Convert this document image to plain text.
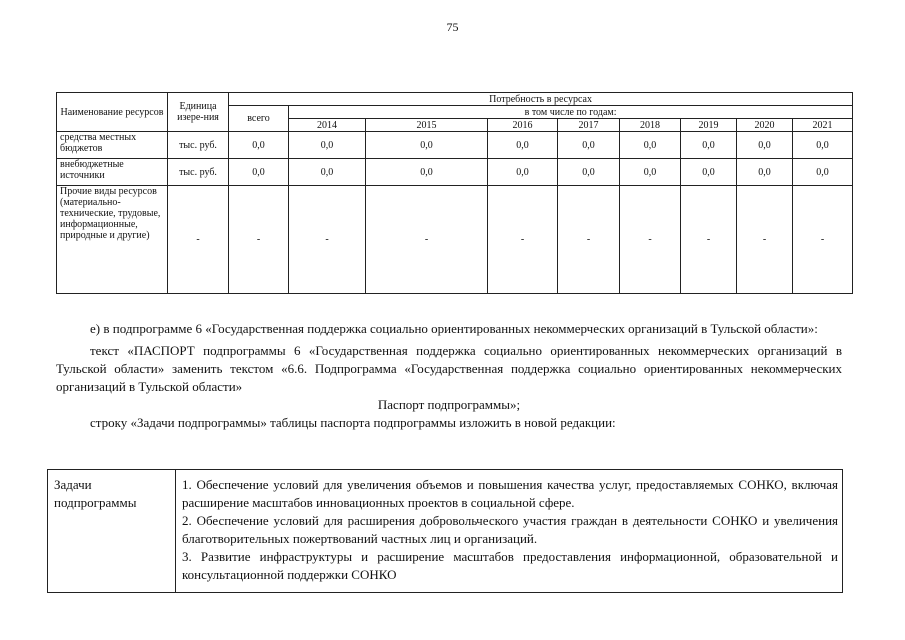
75
Наименование ресурсов	Единица изере-ния	Потребность в ресурсах								
		всего	в том числе по годам:							
			2014	2015	2016	2017	2018	2019	2020	2021
средства местных бюджетов	тыс. руб.	0,0	0,0	0,0	0,0	0,0	0,0	0,0	0,0	0,0
внебюджетные источники	тыс. руб.	0,0	0,0	0,0	0,0	0,0	0,0	0,0	0,0	0,0
Прочие виды ресурсов (материально-технические, трудовые, информационные, природные и другие)	-	-	-	-	-	-	-	-	-	-

е) в подпрограмме 6 «Государственная поддержка социально ориентированных некоммерческих организаций в Тульской области»:

текст «ПАСПОРТ подпрограммы 6 «Государственная поддержка социально ориентированных некоммерческих организаций в Тульской области» заменить текстом «6.6. Подпрограмма «Государственная поддержка социально ориентированных некоммерческих организаций в Тульской области»

Паспорт подпрограммы»;

строку «Задачи подпрограммы» таблицы паспорта подпрограммы изложить в новой редакции:

Задачи подпрограммы	
1. Обеспечение условий для увеличения объемов и повышения качества услуг, предоставляемых СОНКО, включая расширение масштабов инновационных проектов в социальной сфере.
2. Обеспечение условий для расширения добровольческого участия граждан в деятельности СОНКО и увеличения благотворительных пожертвований частных лиц и организаций.
3. Развитие инфраструктуры и расширение масштабов предоставления информационной, образовательной и консультационной поддержки СОНКО
